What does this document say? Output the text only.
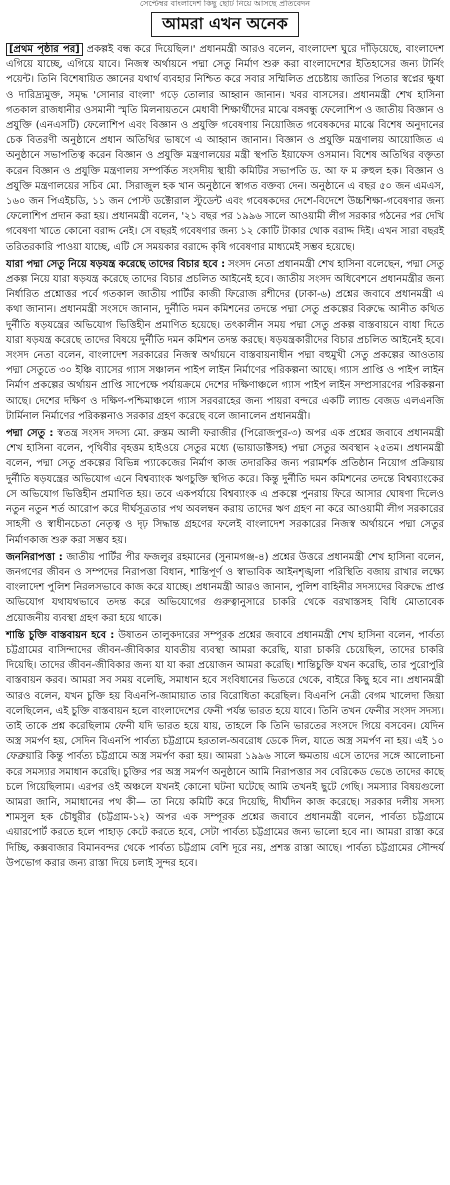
সেপ্টেম্বর বাংলাদেশ কিছু ছোট নিয়ে আসছে প্রতিবেদন
আমরা এখন অনেক

[প্রথম পৃষ্ঠার পর] প্রকল্পই বন্ধ করে দিয়েছিল।' প্রধানমন্ত্রী আরও বলেন, বাংলাদেশ ঘুরে দাঁড়িয়েছে, বাংলাদেশ এগিয়ে যাচ্ছে, এগিয়ে যাবে। নিজস্ব অর্থায়নে পদ্মা সেতু নির্মাণ শুরু করা বাংলাদেশের ইতিহাসের জন্য টার্নিং পয়েন্ট। তিনি বিশেষায়িত জ্ঞানের যথার্থ ব্যবহার নিশ্চিত করে সবার সম্মিলিত প্রচেষ্টায় জাতির পিতার স্বপ্নের ক্ষুধা ও দারিদ্র্যমুক্ত, সমৃদ্ধ 'সোনার বাংলা' গড়ে তোলার আহ্বান জানান। খবর বাসসের। প্রধানমন্ত্রী শেখ হাসিনা গতকাল রাজধানীর ওসমানী স্মৃতি মিলনায়তনে মেধাবী শিক্ষার্থীদের মাঝে বঙ্গবন্ধু ফেলোশিপ ও জাতীয় বিজ্ঞান ও প্রযুক্তি (এনএসটি) ফেলোশিপ এবং বিজ্ঞান ও প্রযুক্তি গবেষণায় নিয়োজিত গবেষকদের মাঝে বিশেষ অনুদানের চেক বিতরণী অনুষ্ঠানে প্রধান অতিথির ভাষণে এ আহ্বান জানান। বিজ্ঞান ও প্রযুক্তি মন্ত্রণালয় আয়োজিত এ অনুষ্ঠানে সভাপতিত্ব করেন বিজ্ঞান ও প্রযুক্তি মন্ত্রণালয়ের মন্ত্রী স্থপতি ইয়াফেস ওসমান। বিশেষ অতিথির বক্তৃতা করেন বিজ্ঞান ও প্রযুক্তি মন্ত্রণালয় সম্পর্কিত সংসদীয় স্থায়ী কমিটির সভাপতি ড. আ ফ ম রুহুল হক। বিজ্ঞান ও প্রযুক্তি মন্ত্রণালয়ের সচিব মো. সিরাজুল হক খান অনুষ্ঠানে স্বাগত বক্তব্য দেন। অনুষ্ঠানে এ বছর ৫০ জন এমএস, ১৬০ জন পিএইচডি, ১১ জন পোস্ট ডক্টোরাল স্টুডেন্ট এবং গবেষকদের দেশে-বিদেশে উচ্চশিক্ষা-গবেষণার জন্য ফেলোশিপ প্রদান করা হয়। প্রধানমন্ত্রী বলেন, '২১ বছর পর ১৯৯৬ সালে আওয়ামী লীগ সরকার গঠনের পর দেখি গবেষণা খাতে কোনো বরাদ্দ নেই। সে বছরই গবেষণার জন্য ১২ কোটি টাকার থোক বরাদ্দ দিই। এখন সারা বছরই তরিতরকারি পাওয়া যাচ্ছে, এটি সে সময়কার বরাদ্দে কৃষি গবেষণার মাধ্যমেই সম্ভব হয়েছে।

যারা পদ্মা সেতু নিয়ে ষড়যন্ত্র করেছে তাদের বিচার হবে : সংসদ নেতা প্রধানমন্ত্রী শেখ হাসিনা বলেছেন, পদ্মা সেতু প্রকল্প নিয়ে যারা ষড়যন্ত্র করেছে তাদের বিচার প্রচলিত আইনেই হবে। জাতীয় সংসদ অধিবেশনে প্রধানমন্ত্রীর জন্য নির্ধারিত প্রশ্নোত্তর পর্বে গতকাল জাতীয় পার্টির কাজী ফিরোজ রশীদের (ঢাকা-৬) প্রশ্নের জবাবে প্রধানমন্ত্রী এ কথা জানান। প্রধানমন্ত্রী সংসদে জানান, দুর্নীতি দমন কমিশনের তদন্তে পদ্মা সেতু প্রকল্পের বিরুদ্ধে আনীত কথিত দুর্নীতি ষড়যন্ত্রের অভিযোগ ভিত্তিহীন প্রমাণিত হয়েছে। তৎকালীন সময় পদ্মা সেতু প্রকল্প বাস্তবায়নে বাধা দিতে যারা ষড়যন্ত্র করেছে তাদের বিষয়ে দুর্নীতি দমন কমিশন তদন্ত করছে। ষড়যন্ত্রকারীদের বিচার প্রচলিত আইনেই হবে। সংসদ নেতা বলেন, বাংলাদেশ সরকারের নিজস্ব অর্থায়নে বাস্তবায়নাধীন পদ্মা বহুমুখী সেতু প্রকল্পের আওতায় পদ্মা সেতুতে ৩০ ইঞ্চি ব্যাসের গ্যাস সঞ্চালন পাইপ লাইন নির্মাণের পরিকল্পনা আছে। গ্যাস প্রাপ্তি ও পাইপ লাইন নির্মাণ প্রকল্পের অর্থায়ন প্রাপ্তি সাপেক্ষে পর্যায়ক্রমে দেশের দক্ষিণাঞ্চলে গ্যাস পাইপ লাইন সম্প্রসারণের পরিকল্পনা আছে। দেশের দক্ষিণ ও দক্ষিণ-পশ্চিমাঞ্চলে গ্যাস সরবরাহের জন্য পায়রা বন্দরে একটি ল্যান্ড বেজড এলএনজি টার্মিনাল নির্মাণের পরিকল্পনাও সরকার গ্রহণ করেছে বলে জানালেন প্রধানমন্ত্রী।

পদ্মা সেতু : স্বতন্ত্র সংসদ সদস্য মো. রুস্তম আলী ফরাজীর (পিরোজপুর-৩) অপর এক প্রশ্নের জবাবে প্রধানমন্ত্রী শেখ হাসিনা বলেন, পৃথিবীর বৃহত্তম হাইওয়ে সেতুর মধ্যে (ভায়াডাক্টসহ) পদ্মা সেতুর অবস্থান ২৫তম। প্রধানমন্ত্রী বলেন, পদ্মা সেতু প্রকল্পের বিভিন্ন প্যাকেজের নির্মাণ কাজ তদারকির জন্য পরামর্শক প্রতিষ্ঠান নিয়োগ প্রক্রিয়ায় দুর্নীতি ষড়যন্ত্রের অভিযোগ এনে বিশ্বব্যাংক ঋণচুক্তি স্থগিত করে। কিন্তু দুর্নীতি দমন কমিশনের তদন্তে বিশ্বব্যাংকের সে অভিযোগ ভিত্তিহীন প্রমাণিত হয়। তবে একপর্যায়ে বিশ্বব্যাংক এ প্রকল্পে পুনরায় ফিরে আসার ঘোষণা দিলেও নতুন নতুন শর্ত আরোপ করে দীর্ঘসূত্রতার পথ অবলম্বন করায় তাদের ঋণ গ্রহণ না করে আওয়ামী লীগ সরকারের সাহসী ও স্বাধীনচেতা নেতৃত্ব ও দৃঢ় সিদ্ধান্ত গ্রহণের ফলেই বাংলাদেশ সরকারের নিজস্ব অর্থায়নে পদ্মা সেতুর নির্মাণকাজ শুরু করা সম্ভব হয়।

জননিরাপত্তা : জাতীয় পার্টির পীর ফজলুর রহমানের (সুনামগঞ্জ-৪) প্রশ্নের উত্তরে প্রধানমন্ত্রী শেখ হাসিনা বলেন, জনগণের জীবন ও সম্পদের নিরাপত্তা বিধান, শান্তিপূর্ণ ও স্বাভাবিক আইনশৃঙ্খলা পরিস্থিতি বজায় রাখার লক্ষ্যে বাংলাদেশ পুলিশ নিরলসভাবে কাজ করে যাচ্ছে। প্রধানমন্ত্রী আরও জানান, পুলিশ বাহিনীর সদস্যদের বিরুদ্ধে প্রাপ্ত অভিযোগ যথাযথভাবে তদন্ত করে অভিযোগের গুরুত্বানুসারে চাকরি থেকে বরখাস্তসহ বিধি মোতাবেক প্রয়োজনীয় ব্যবস্থা গ্রহণ করা হয়ে থাকে।

শান্তি চুক্তি বাস্তবায়ন হবে : উষাতন তালুকদারের সম্পূরক প্রশ্নের জবাবে প্রধানমন্ত্রী শেখ হাসিনা বলেন, পার্বত্য চট্টগ্রামের বাসিন্দাদের জীবন-জীবিকার যাবতীয় ব্যবস্থা আমরা করেছি, যারা চাকরি চেয়েছিল, তাদের চাকরি দিয়েছি। তাদের জীবন-জীবিকার জন্য যা যা করা প্রয়োজন আমরা করেছি। শান্তিচুক্তি যখন করেছি, তার পুরোপুরি বাস্তবায়ন করব। আমরা সব সময় বলেছি, সমাধান হবে সংবিধানের ভিতরে থেকে, বাইরে কিছু হবে না। প্রধানমন্ত্রী আরও বলেন, যখন চুক্তি হয় বিএনপি-জামায়াত তার বিরোধিতা করেছিল। বিএনপি নেত্রী বেগম খালেদা জিয়া বলেছিলেন, এই চুক্তি বাস্তবায়ন হলে বাংলাদেশের ফেনী পর্যন্ত ভারত হয়ে যাবে। তিনি তখন ফেনীর সংসদ সদস্য। তাই তাকে প্রশ্ন করেছিলাম ফেনী যদি ভারত হয়ে যায়, তাহলে কি তিনি ভারতের সংসদে গিয়ে বসবেন। যেদিন অস্ত্র সমর্পণ হয়, সেদিন বিএনপি পার্বত্য চট্টগ্রামে হরতাল-অবরোধ ডেকে দিল, যাতে অস্ত্র সমর্পণ না হয়। এই ১০ ফেব্রুয়ারি কিন্তু পার্বত্য চট্টগ্রামে অস্ত্র সমর্পণ করা হয়। আমরা ১৯৯৬ সালে ক্ষমতায় এসে তাদের সঙ্গে আলোচনা করে সমস্যার সমাধান করেছি। চুক্তির পর অস্ত্র সমর্পণ অনুষ্ঠানে আমি নিরাপত্তার সব বেরিকেড ভেঙে তাদের কাছে চলে গিয়েছিলাম। এরপর ওই অঞ্চলে যখনই কোনো ঘটনা ঘটেছে আমি তখনই ছুটে গেছি। সমস্যার বিষয়গুলো আমরা জানি, সমাধানের পথ কী— তা নিয়ে কমিটি করে দিয়েছি, দীর্ঘদিন কাজ করেছে। সরকার দলীয় সদস্য শামসুল হক চৌধুরীর (চট্টগ্রাম-১২) অপর এক সম্পূরক প্রশ্নের জবাবে প্রধানমন্ত্রী বলেন, পার্বত্য চট্টগ্রামে এয়ারপোর্ট করতে হলে পাহাড় কেটে করতে হবে, সেটা পার্বত্য চট্টগ্রামের জন্য ভালো হবে না। আমরা রাস্তা করে দিচ্ছি, কক্সবাজার বিমানবন্দর থেকে পার্বত্য চট্টগ্রাম বেশি দূরে নয়, প্রশস্ত রাস্তা আছে। পার্বত্য চট্টগ্রামের সৌন্দর্য উপভোগ করার জন্য রাস্তা দিয়ে চলাই সুন্দর হবে।
